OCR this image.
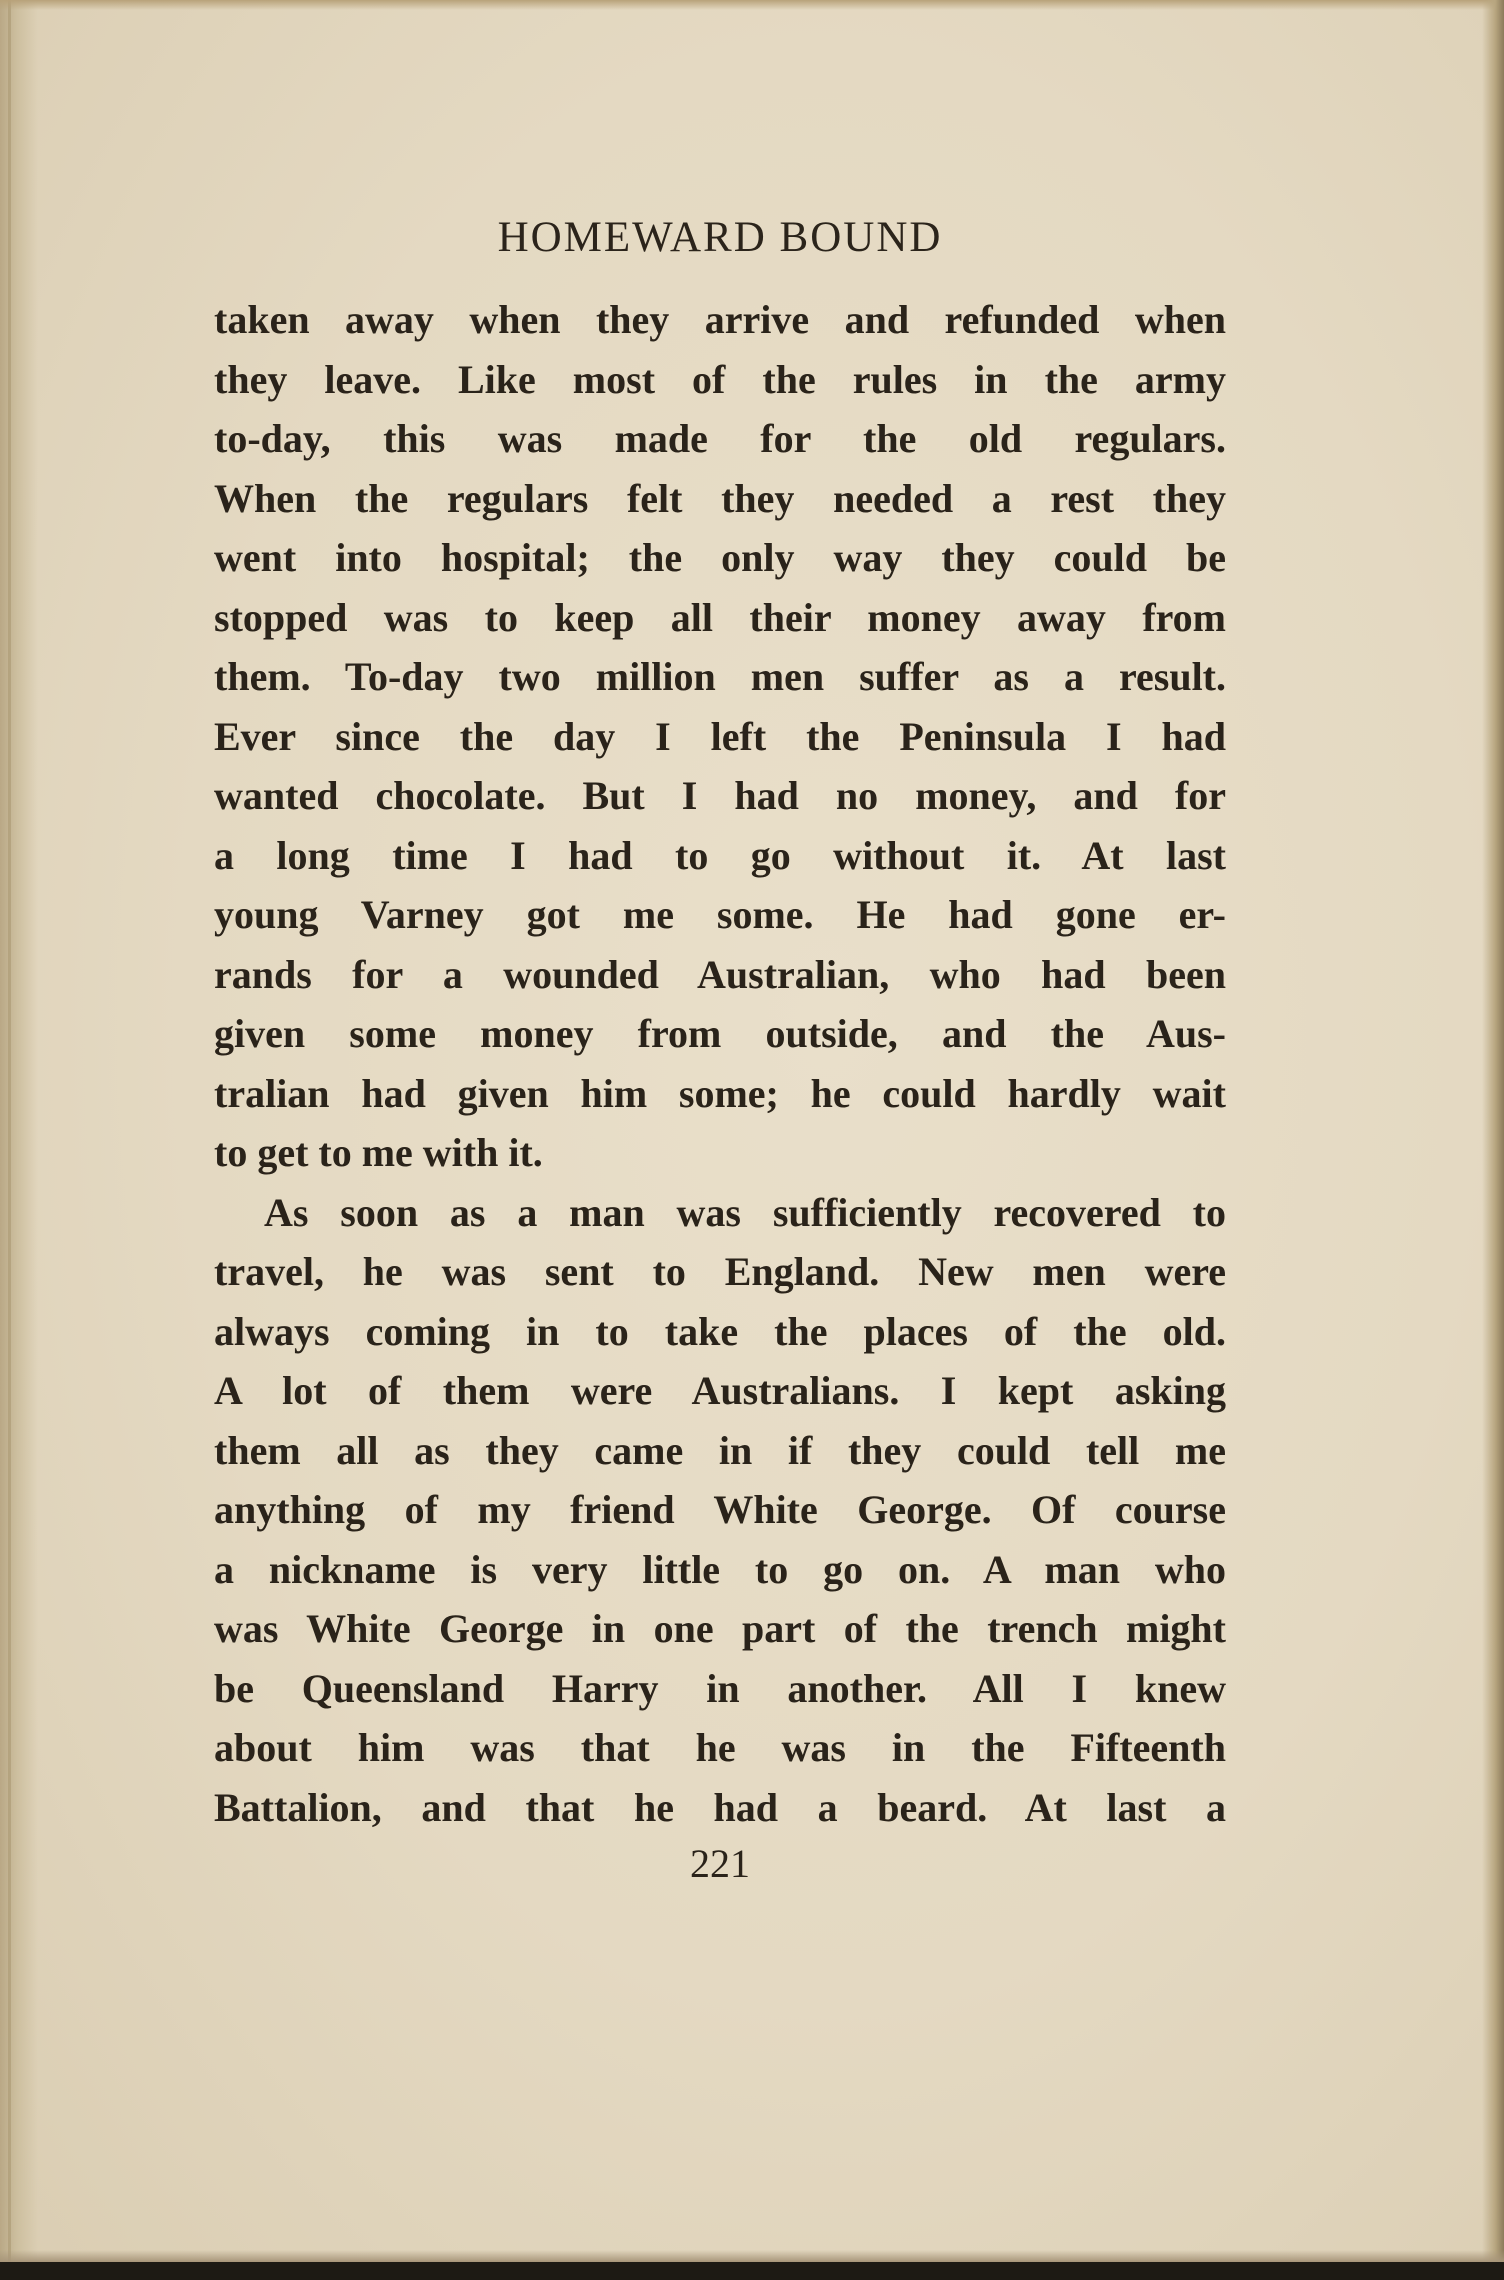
HOMEWARD BOUND
taken away when they arrive and refunded when
they leave. Like most of the rules in the army
to-day, this was made for the old regulars.
When the regulars felt they needed a rest they
went into hospital; the only way they could be
stopped was to keep all their money away from
them. To-day two million men suffer as a result.
Ever since the day I left the Peninsula I had
wanted chocolate. But I had no money, and for
a long time I had to go without it. At last
young Varney got me some. He had gone er-
rands for a wounded Australian, who had been
given some money from outside, and the Aus-
tralian had given him some; he could hardly wait
to get to me with it.
As soon as a man was sufficiently recovered to
travel, he was sent to England. New men were
always coming in to take the places of the old.
A lot of them were Australians. I kept asking
them all as they came in if they could tell me
anything of my friend White George. Of course
a nickname is very little to go on. A man who
was White George in one part of the trench might
be Queensland Harry in another. All I knew
about him was that he was in the Fifteenth
Battalion, and that he had a beard. At last a
221
